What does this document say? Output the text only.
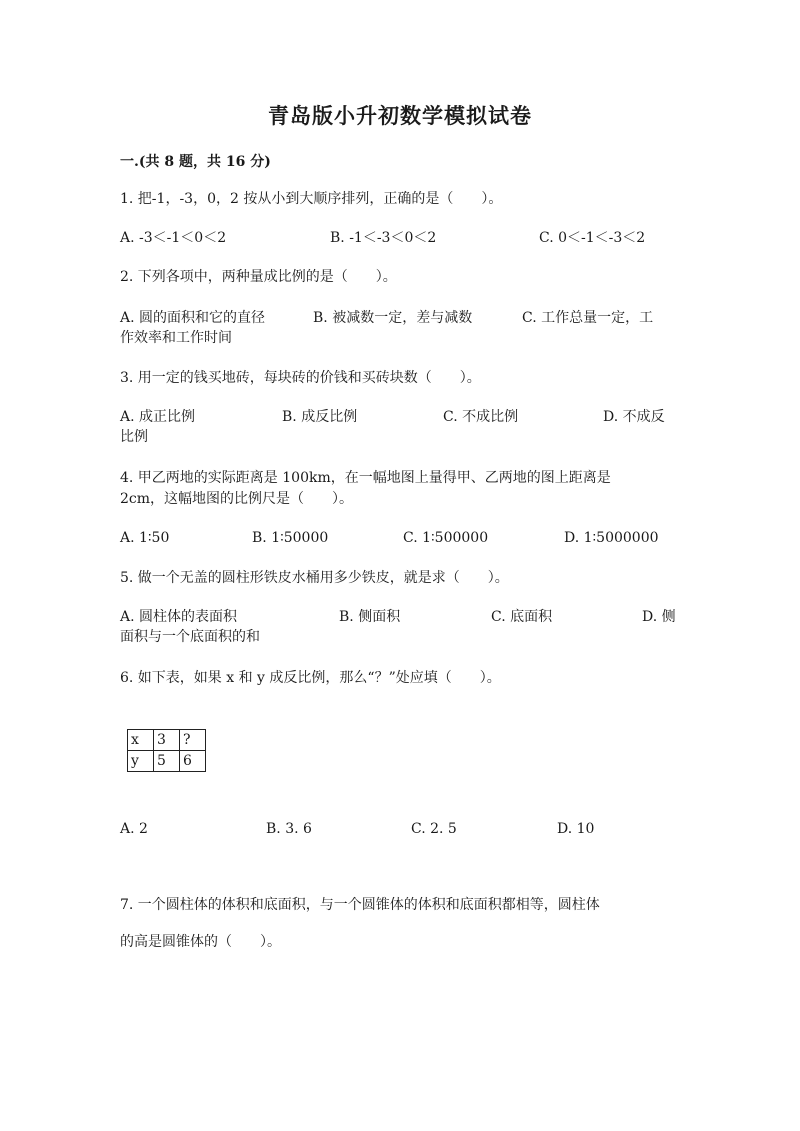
青岛版小升初数学模拟试卷
一.(共 8 题，共 16 分)
1. 把-1，-3，0，2 按从小到大顺序排列，正确的是（　　）。
A. -3＜-1＜0＜2	B. -1＜-3＜0＜2	C. 0＜-1＜-3＜2
2. 下列各项中，两种量成比例的是（　　）。
A. 圆的面积和它的直径	B. 被减数一定，差与减数	C. 工作总量一定，工
作效率和工作时间
3. 用一定的钱买地砖，每块砖的价钱和买砖块数（　　）。
A. 成正比例	B. 成反比例	C. 不成比例	D. 不成反
比例
4. 甲乙两地的实际距离是 100km，在一幅地图上量得甲、乙两地的图上距离是
2cm，这幅地图的比例尺是（　　）。
A. 1∶50	B. 1∶50000	C. 1∶500000	D. 1∶5000000
5. 做一个无盖的圆柱形铁皮水桶用多少铁皮，就是求（　　）。
A. 圆柱体的表面积	B. 侧面积	C. 底面积	D. 侧
面积与一个底面积的和
6. 如下表，如果 x 和 y 成反比例，那么“？”处应填（　　）。
x	3	?
y	5	6
A. 2	B. 3. 6	C. 2. 5	D. 10
7. 一个圆柱体的体积和底面积，与一个圆锥体的体积和底面积都相等，圆柱体
的高是圆锥体的（　　）。
